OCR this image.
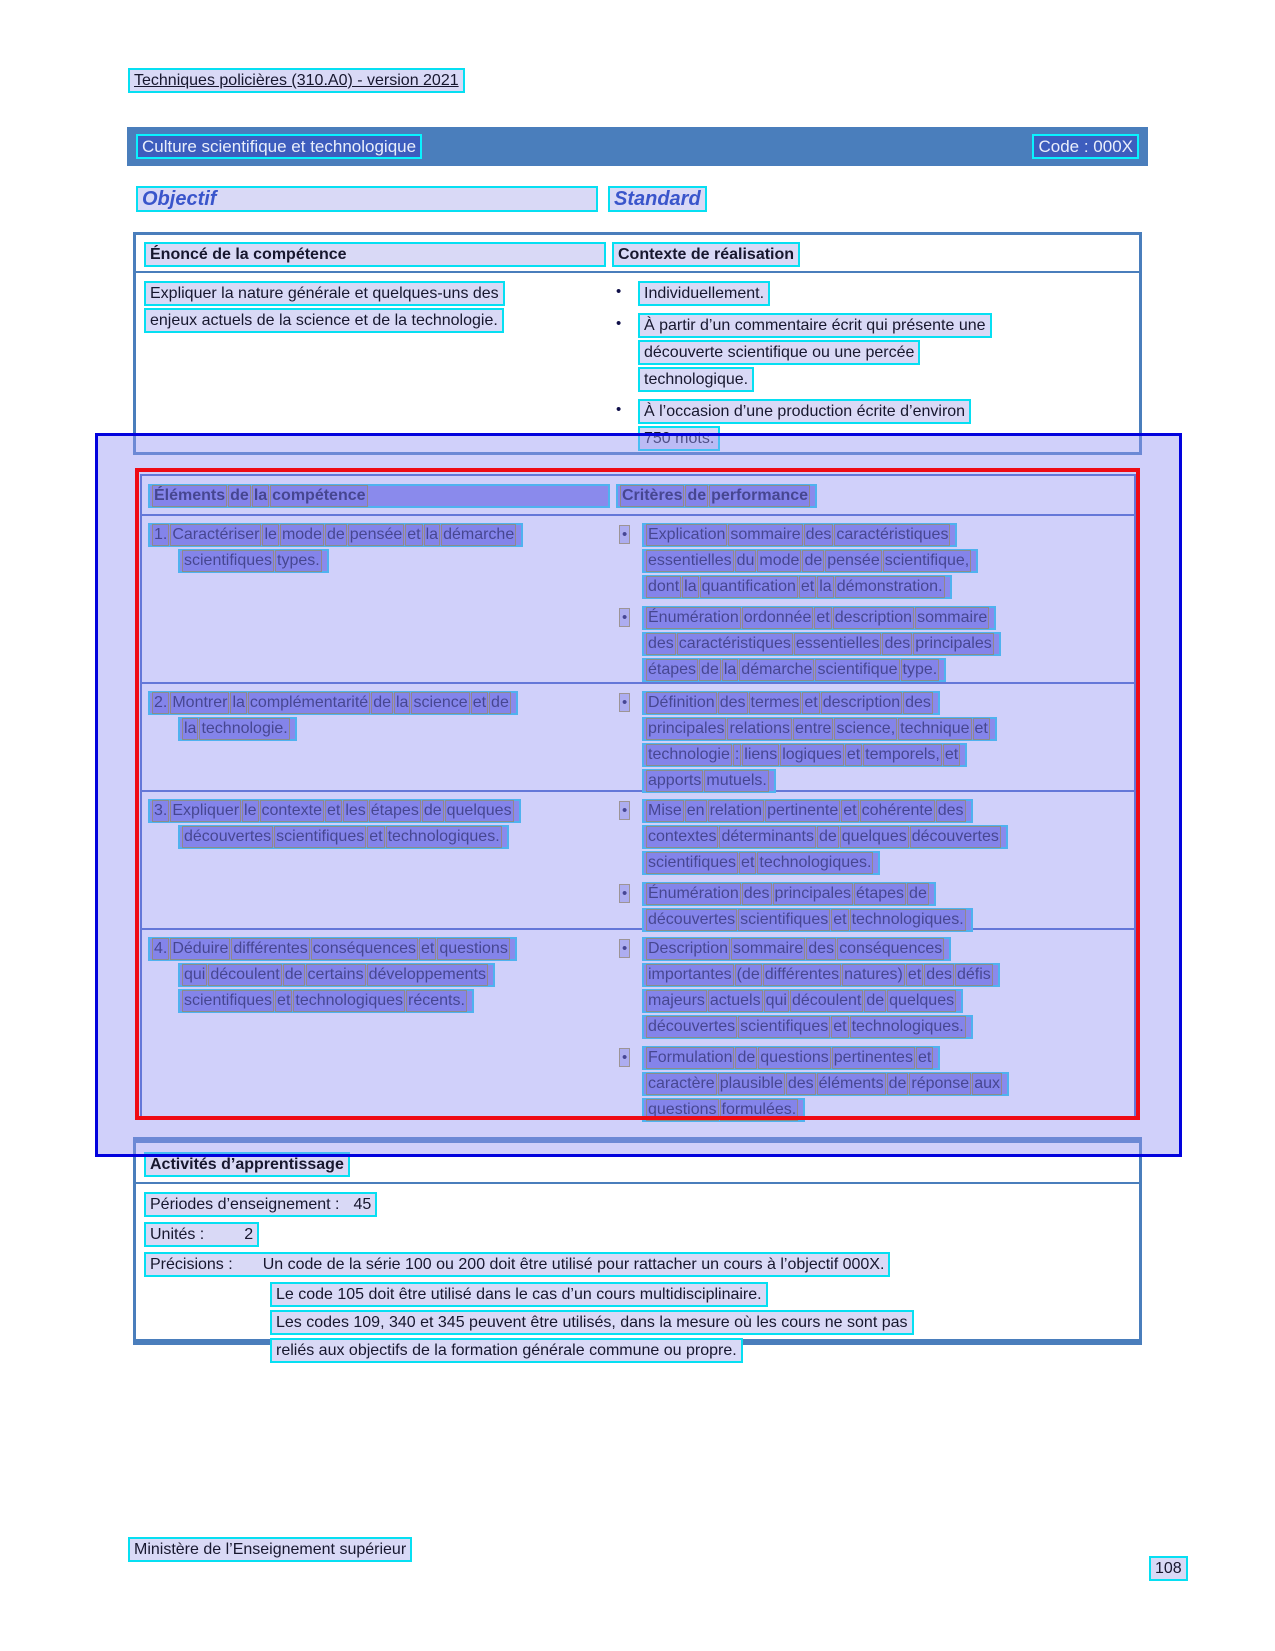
Techniques policières (310.A0) - version 2021
Culture scientifique et technologique	Code : 000X
Objectif	Standard
Énoncé de la compétence	Contexte de réalisation
Expliquer la nature générale et quelques-uns des
enjeux actuels de la science et de la technologie.
•	Individuellement.
•	À partir d’un commentaire écrit qui présente une
découverte scientifique ou une percée
technologique.
•	À l’occasion d’une production écrite d’environ
750 mots.
Éléments de la compétence	Critères de performance
1. Caractériser le mode de pensée et la démarche
scientifiques types.
•	Explication sommaire des caractéristiques
essentielles du mode de pensée scientifique,
dont la quantification et la démonstration.
•	Énumération ordonnée et description sommaire
des caractéristiques essentielles des principales
étapes de la démarche scientifique type.
2. Montrer la complémentarité de la science et de
la technologie.
•	Définition des termes et description des
principales relations entre science, technique et
technologie : liens logiques et temporels, et
apports mutuels.
3. Expliquer le contexte et les étapes de quelques
découvertes scientifiques et technologiques.
•	Mise en relation pertinente et cohérente des
contextes déterminants de quelques découvertes
scientifiques et technologiques.
•	Énumération des principales étapes de
découvertes scientifiques et technologiques.
4. Déduire différentes conséquences et questions
qui découlent de certains développements
scientifiques et technologiques récents.
•	Description sommaire des conséquences
importantes (de différentes natures) et des défis
majeurs actuels qui découlent de quelques
découvertes scientifiques et technologiques.
•	Formulation de questions pertinentes et
caractère plausible des éléments de réponse aux
questions formulées.
Activités d’apprentissage
Périodes d’enseignement : 45
Unités :	2
Précisions : Un code de la série 100 ou 200 doit être utilisé pour rattacher un cours à l’objectif 000X.
Le code 105 doit être utilisé dans le cas d’un cours multidisciplinaire.
Les codes 109, 340 et 345 peuvent être utilisés, dans la mesure où les cours ne sont pas
reliés aux objectifs de la formation générale commune ou propre.
Ministère de l’Enseignement supérieur
108
